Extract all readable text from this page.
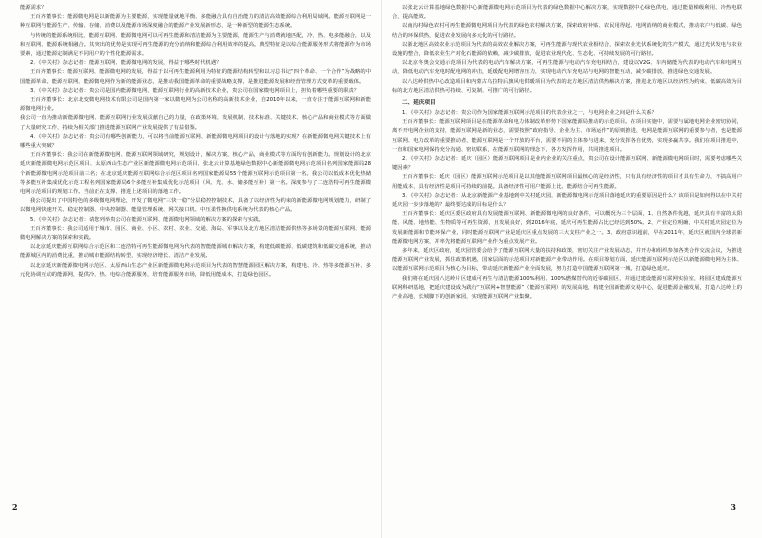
能源需求？

王百齐董事长：能源微电网是以新能源为主要能源，实现能量就地平衡、多能融合具有自治能力的清洁高效能源综合利用局域网。能源互联网是一种互联网与能源生产、传输、存储、消费以及能源市场深度融合的能源产业发展新形态，是一种新型的能源生态系统。

与传统的能源系统相比，能源互联网、能源微电网可以可再生能源和清洁能源为主要能源，能源生产与消费就地匹配，冷、热、电多能融合，以及和互联网、能源系统相融合。其突出的优势是实现可再生能源的充分消纳和能源综合利用效率的提高。典型特征是以综合能源服务形式将能源作为市场要素，通过能源定制满足不同用户的个性化能源需求。

2．《中关村》杂志记者：能源互联网、能源微电网的发展，得益于哪些时代机遇？

王百齐董事长：能源互联网、能源微电网的发展，得益于以可再生能源利用为特征的能源结构转型和以习总书记“四个革命、一个合作”为战略的中国能源革命。能源互联网、能源微电网作为新的能源业态，是推动我国能源革命的重要战略支撑，是推进能源发展和经营管理方式变革的重要载体。

3．《中关村》杂志记者：贵公司是国内能源微电网、能源互联网行业的高新技术企业，贵公司在国家微电网项目上，担负着哪些重要的职责？

王百齐董事长：北京北变微电网技术有限公司是国内第一家以微电网为公司名称的高新技术企业，自2010年以来，一直专注于能源互联网和新能源微电网行业。

我公司一直为推动新能源微电网、能源互联网行业发展贡献自己的力量，在政策环境、发展机制、技术标准、关键技术、核心产品和商业模式等方面做了大量研究工作，持续为相关部门推进能源互联网产业发展提供了有益借鉴。

4．《中关村》杂志记者：贵公司有哪些创新能力，可以将当前能源互联网、新能源微电网项目的设计与落地的实现？在新能源微电网关键技术上有哪些重大突破？

王百齐董事长：我公司在新能源微电网、能源互联网领域研究，规划设计，解决方案，核心产品，商业模式等方面均有创新能力。规划设计的北京延庆新能源微电网示范区项目、太原西山生态产业区新能源微电网示范项目、张北云计算基地绿色数据中心新能源微电网示范项目名列国家能源局28个新能源微电网示范项目前三名；在北京延庆能源互联网综合示范区项目名列国家能源局55个能源互联网示范项目第一名。我公司以低成本优化热储等多能互补集成优化示范工程名列国家能源局6个多能互补集成优化示范项目（风、光、水、储多能互补）第一名。深度参与了二连浩特可再生能源微电网示范项目的规划工作。当前正在支撑、推进上述项目的落地工作。

我公司提出了中国特色的多级微电网理论，开发了微电网“三快一稳”分层稳控控制技术，具备了以经济性为约束的新能源微电网规划能力，研制了以微电网快速开关、稳定控制器、中央控制器、能量管理系统、网关接口机、中压柔性换供电系统为代表的核心产品。

5．《中关村》杂志记者：请您列举贵公司在能源互联网、能源微电网领域的解决方案的探索与实践。

王百齐董事长：我公司适用于城市、园区、商业、小区、农村、农业、交通、海岛、军事以及北方地区清洁能源供热等多场景的能源互联网、能源微电网解决方案的探索和实践。

以北京延庆能源互联网综合示范区和二连浩特可再生能源微电网为代表的智能能源城市解决方案，构建低碳能源、低碳建筑和低碳交通系统，推动能源城区内的消费比重，推动城市能源结构转型，实现经济增长、清洁产业发展。

以北京延庆新能源微电网示范区、太原西山生态产业区新能源微电网示范项目为代表的智慧能源园区解决方案，构建电、冷、热等多能源互补、多元化协调互动的能源网，提供冷、热、电综合能源服务，培育能源服务市场，降低用能成本，打造绿色园区。

2

以张北云计算基地绿色数据中心新能源微电网示范项目为代表的绿色数据中心解决方案，实现数据中心绿色供电，通过能量梯级利用、冷热电联合，提高能效。

以南沟村绿色农村可再生能源微电网项目为代表的绿色农村解决方案，探索政府补贴、农民用得起、电网消纳的商业模式，推动农户与低碳、绿色结合的环保供热，促进农业发展向多元化的可行路径。

以浙北地区高效农业示范项目为代表的高效农业解决方案，可再生能源与现代农业相结合，探索农业光伏系统化的生产模式，通过光伏发电与农业设施的整合，降低农业生产对化石能源的依赖，减少碳排放，促进农业现代化、生态化、可持续发展的可行路径。

以北京冬奥会交通示范项目为代表的电动汽车解决方案，可再生能源与电动汽车充电相结合，建设以V2G、车内储能为代表的电动汽车和电网互动，降低电动汽车充电时配电网的冲击，延缓配电网增容压力，实现电动汽车充电站与电网的智能互动，减少碳排放，推进绿色交通发展。

以八达岭供热中心改造项目和内蒙古乌拉特后旗风电供暖项目为代表的北方地区清洁供热解决方案，推进北方地区以经济性为约束、低碳高效为目标的北方地区清洁供热可持续、可复制、可推广的可行路径。

二、延庆项目

1．《中关村》杂志记者：贵公司作为国家能源互联网示范项目的代表企业之一，与电网企业之间是什么关系？

王百齐董事长：能源互联网项目是在能源革命和电力体制改革形势下国家能源局推动的示范项目。在项目实施中，需要与属地电网企业密切协同，离不开电网企业的支持，能源互联网是新的业态，需要按照“政府指导、企业为主、市场运作”的原则推进，电网是能源互联网的重要参与者，也是能源互联网、电力改革的重要推动者，能源互联网是一个开放的平台，需要不同的主体参与进来，充分发挥各自优势，实现多赢共享。我们在项目推进中，一直和国家电网保持充分沟通、密切联系，在能源互联网的理念下，各方发挥作用，共同推进项目。

2．《中关村》杂志记者：延庆（园区）能源互联网项目是业内企业的关注重点，贵公司在设计能源互联网、新能源微电网项目时，需要考虑哪些关键因素？

王百齐董事长：延庆（园区）能源互联网示范项目是以其他能源互联网项目最核心的是经济性，只有具有经济性的项目才具有生命力，不搞高用户用能成本，具有经济性是项目可持续的前提。具备经济性可用户能源上比、能源结合可再生能源。

3．《中关村》杂志记者：从北京新能源产业基地到中关村延庆园，新能源微电网示范项目落地延庆的重要原因是什么？该项目是如何得以在中关村延庆园一步步落地的？最终要达成的目标是什么？

王百齐董事长：延庆区委区政府具有发展能源互联网、新能源微电网的良好条件，可以概况为三个层面，1、自然条件优越，延庆具有丰富的太阳能、风能、地热能、生物质等可再生资源，且发展良好，到2016年底，延庆可再生能源占比已经达到50%。2、产业定位明确，中关村延庆园定位为发展新能源和节能环保产业，同时能源互联网产业是延庆区重点发展的三大支柱产业之一。3、政府意识超前，早在2011年，延庆区就国内全球甚新能源微电网方案，并率先将能源互联网产业作为重点发展产业。

多年来，延庆区政府，延庆园管委会给予了能源互联网大量的扶持和政策，密切关注产业发展动态，并开办和组织参加各类合作交流会议，为推进能源互联网产业发展，抓住政策机遇，国家层面的示范项目对新能源产业带动作用。在项目筹划方面，延庆能源互联网示范区以新能源微电网为主体、以能源互联网示范项目为核心为目标，带动延庆新能源产业全面发展，努力打造中国能源互联网第一城，打造绿色延庆。

我们将在延庆园八达岭片区建成可再生与清洁能源100%利用、100%燃煤替代的近零碳园区，并通过建设能源互联网实验室，将园区建成能源互联网科研基地，把延庆建设成为践行“互联网+智慧能源”（能源互联网）的发展高地，构建全国新能源交易中心，促进能源金融发展，打造八达岭上的产业高地，长城脚下的创新家园，实现能源互联网产业集聚。

3
